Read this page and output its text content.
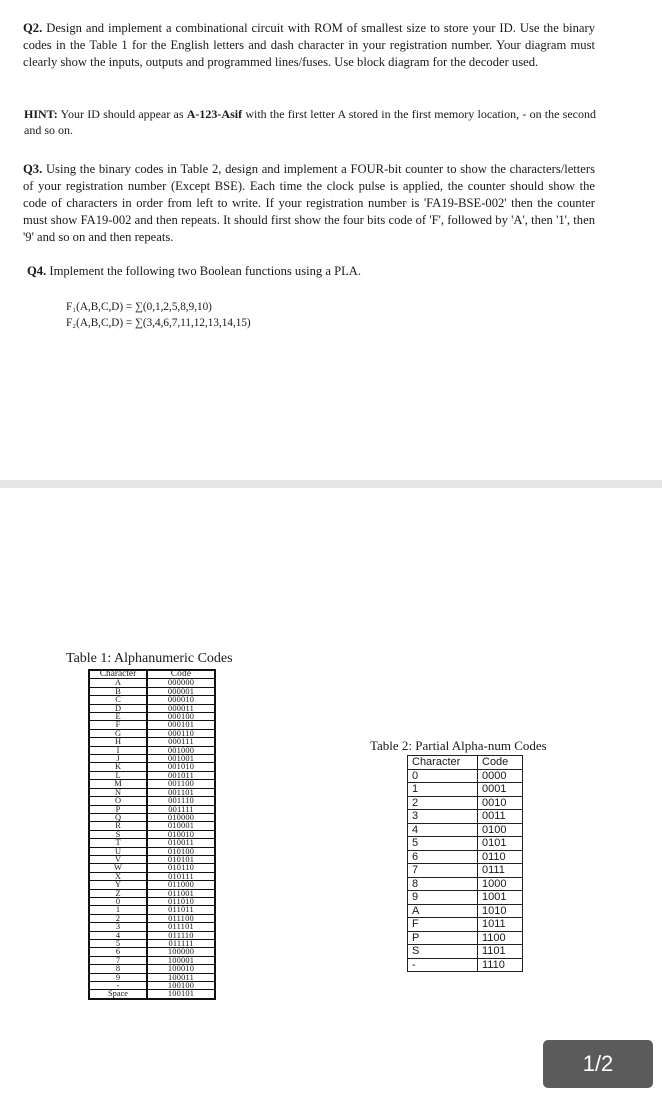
Q2. Design and implement a combinational circuit with ROM of smallest size to store your ID. Use the binary codes in the Table 1 for the English letters and dash character in your registration number. Your diagram must clearly show the inputs, outputs and programmed lines/fuses. Use block diagram for the decoder used.
HINT: Your ID should appear as A-123-Asif with the first letter A stored in the first memory location, - on the second and so on.
Q3. Using the binary codes in Table 2, design and implement a FOUR-bit counter to show the characters/letters of your registration number (Except BSE). Each time the clock pulse is applied, the counter should show the code of characters in order from left to write. If your registration number is 'FA19-BSE-002' then the counter must show FA19-002 and then repeats. It should first show the four bits code of 'F', followed by 'A', then '1', then '9' and so on and then repeats.
Q4. Implement the following two Boolean functions using a PLA.
F₁(A,B,C,D) = ∑(0,1,2,5,8,9,10)
F₂(A,B,C,D) = ∑(3,4,6,7,11,12,13,14,15)
Table 1: Alphanumeric Codes
Character	Code
A	000000
B	000001
C	000010
D	000011
E	000100
F	000101
G	000110
H	000111
I	001000
J	001001
K	001010
L	001011
M	001100
N	001101
O	001110
P	001111
Q	010000
R	010001
S	010010
T	010011
U	010100
V	010101
W	010110
X	010111
Y	011000
Z	011001
0	011010
1	011011
2	011100
3	011101
4	011110
5	011111
6	100000
7	100001
8	100010
9	100011
-	100100
Space	100101
Table 2: Partial Alpha-num Codes
Character	Code
0	0000
1	0001
2	0010
3	0011
4	0100
5	0101
6	0110
7	0111
8	1000
9	1001
A	1010
F	1011
P	1100
S	1101
-	1110
1/2
